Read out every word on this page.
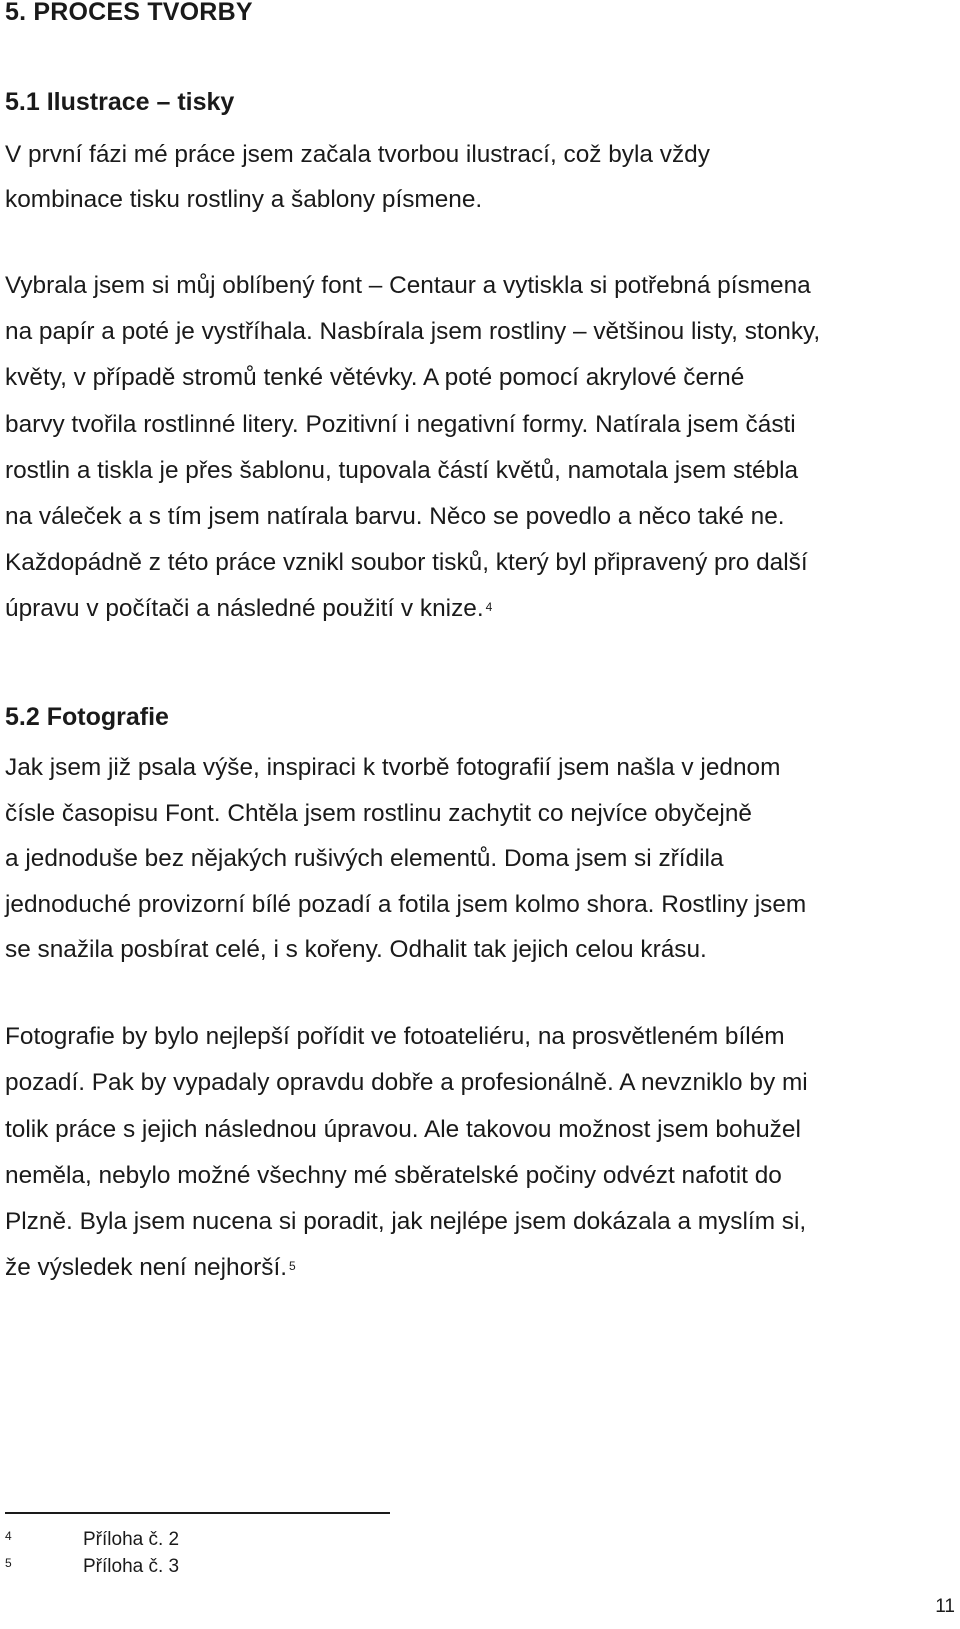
5. PROCES TVORBY
5.1 Ilustrace – tisky

V první fázi mé práce jsem začala tvorbou ilustrací, což byla vždy
kombinace tisku rostliny a šablony písmene.

Vybrala jsem si můj oblíbený font – Centaur a vytiskla si potřebná písmena
na papír a poté je vystříhala. Nasbírala jsem rostliny – většinou listy, stonky,
květy, v případě stromů tenké větévky. A poté pomocí akrylové černé
barvy tvořila rostlinné litery. Pozitivní i negativní formy. Natírala jsem části
rostlin a tiskla je přes šablonu, tupovala částí květů, namotala jsem stébla
na váleček a s tím jsem natírala barvu. Něco se povedlo a něco také ne.
Každopádně z této práce vznikl soubor tisků, který byl připravený pro další
úpravu v počítači a následné použití v knize. $^4$

5.2 Fotografie

Jak jsem již psala výše, inspiraci k tvorbě fotografií jsem našla v jednom
čísle časopisu Font. Chtěla jsem rostlinu zachytit co nejvíce obyčejně
a jednoduše bez nějakých rušivých elementů. Doma jsem si zřídila
jednoduché provizorní bílé pozadí a fotila jsem kolmo shora. Rostliny jsem
se snažila posbírat celé, i s kořeny. Odhalit tak jejich celou krásu.

Fotografie by bylo nejlepší pořídit ve fotoateliéru, na prosvětleném bílém
pozadí. Pak by vypadaly opravdu dobře a profesionálně. A nevzniklo by mi
tolik práce s jejich následnou úpravou. Ale takovou možnost jsem bohužel
neměla, nebylo možné všechny mé sběratelské počiny odvézt nafotit do
Plzně. Byla jsem nucena si poradit, jak nejlépe jsem dokázala a myslím si,
že výsledek není nejhorší. $^5$

4	Příloha č. 2
5	Příloha č. 3
11
